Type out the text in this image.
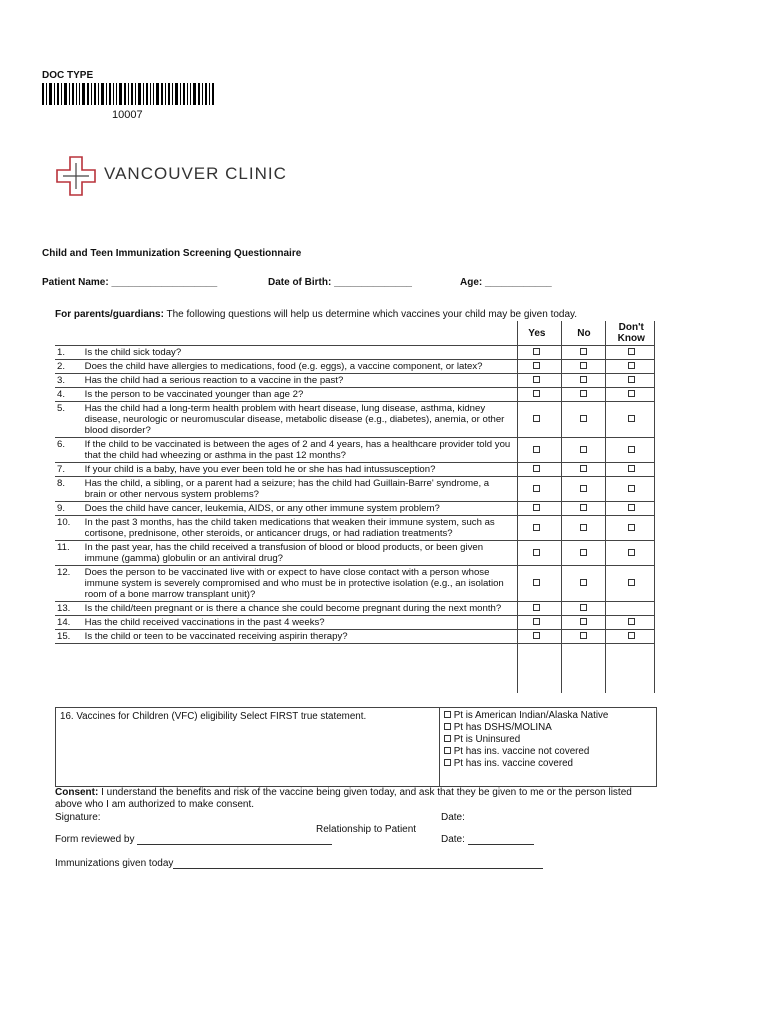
DOC TYPE
10007
VANCOUVER CLINIC
Child and Teen Immunization Screening Questionnaire
Patient Name: ___________________	Date of Birth: ______________	Age: ____________
For parents/guardians: The following questions will help us determine which vaccines your child may be given today.
		Yes	No	Don't Know
1.	Is the child sick today?			
2.	Does the child have allergies to medications, food (e.g. eggs), a vaccine component, or latex?			
3.	Has the child had a serious reaction to a vaccine in the past?			
4.	Is the person to be vaccinated younger than age 2?			
5.	Has the child had a long-term health problem with heart disease, lung disease, asthma, kidney disease, neurologic or neuromuscular disease, metabolic disease (e.g., diabetes), anemia, or other blood disorder?			
6.	If the child to be vaccinated is between the ages of 2 and 4 years, has a healthcare provider told you that the child had wheezing or asthma in the past 12 months?			
7.	If your child is a baby, have you ever been told he or she has had intussusception?			
8.	Has the child, a sibling, or a parent had a seizure; has the child had Guillain-Barre' syndrome, a brain or other nervous system problems?			
9.	Does the child have cancer, leukemia, AIDS, or any other immune system problem?			
10.	In the past 3 months, has the child taken medications that weaken their immune system, such as cortisone, prednisone, other steroids, or anticancer drugs, or had radiation treatments?			
11.	In the past year, has the child received a transfusion of blood or blood products, or been given immune (gamma) globulin or an antiviral drug?			
12.	Does the person to be vaccinated live with or expect to have close contact with a person whose immune system is severely compromised and who must be in protective isolation (e.g., an isolation room of a bone marrow transplant unit)?			
13.	Is the child/teen pregnant or is there a chance she could become pregnant during the next month?			
14.	Has the child received vaccinations in the past 4 weeks?			
15.	Is the child or teen to be vaccinated receiving aspirin therapy?			
16. Vaccines for Children (VFC) eligibility Select FIRST true statement.	Pt is American Indian/Alaska Native
Pt has DSHS/MOLINA
Pt is Uninsured
Pt has ins. vaccine not covered
Pt has ins. vaccine covered
Consent: I understand the benefits and risk of the vaccine being given today, and ask that they be given to me or the person listed above who I am authorized to make consent.
Signature:	Date:
Relationship to Patient
Form reviewed by	Date:
Immunizations given today
